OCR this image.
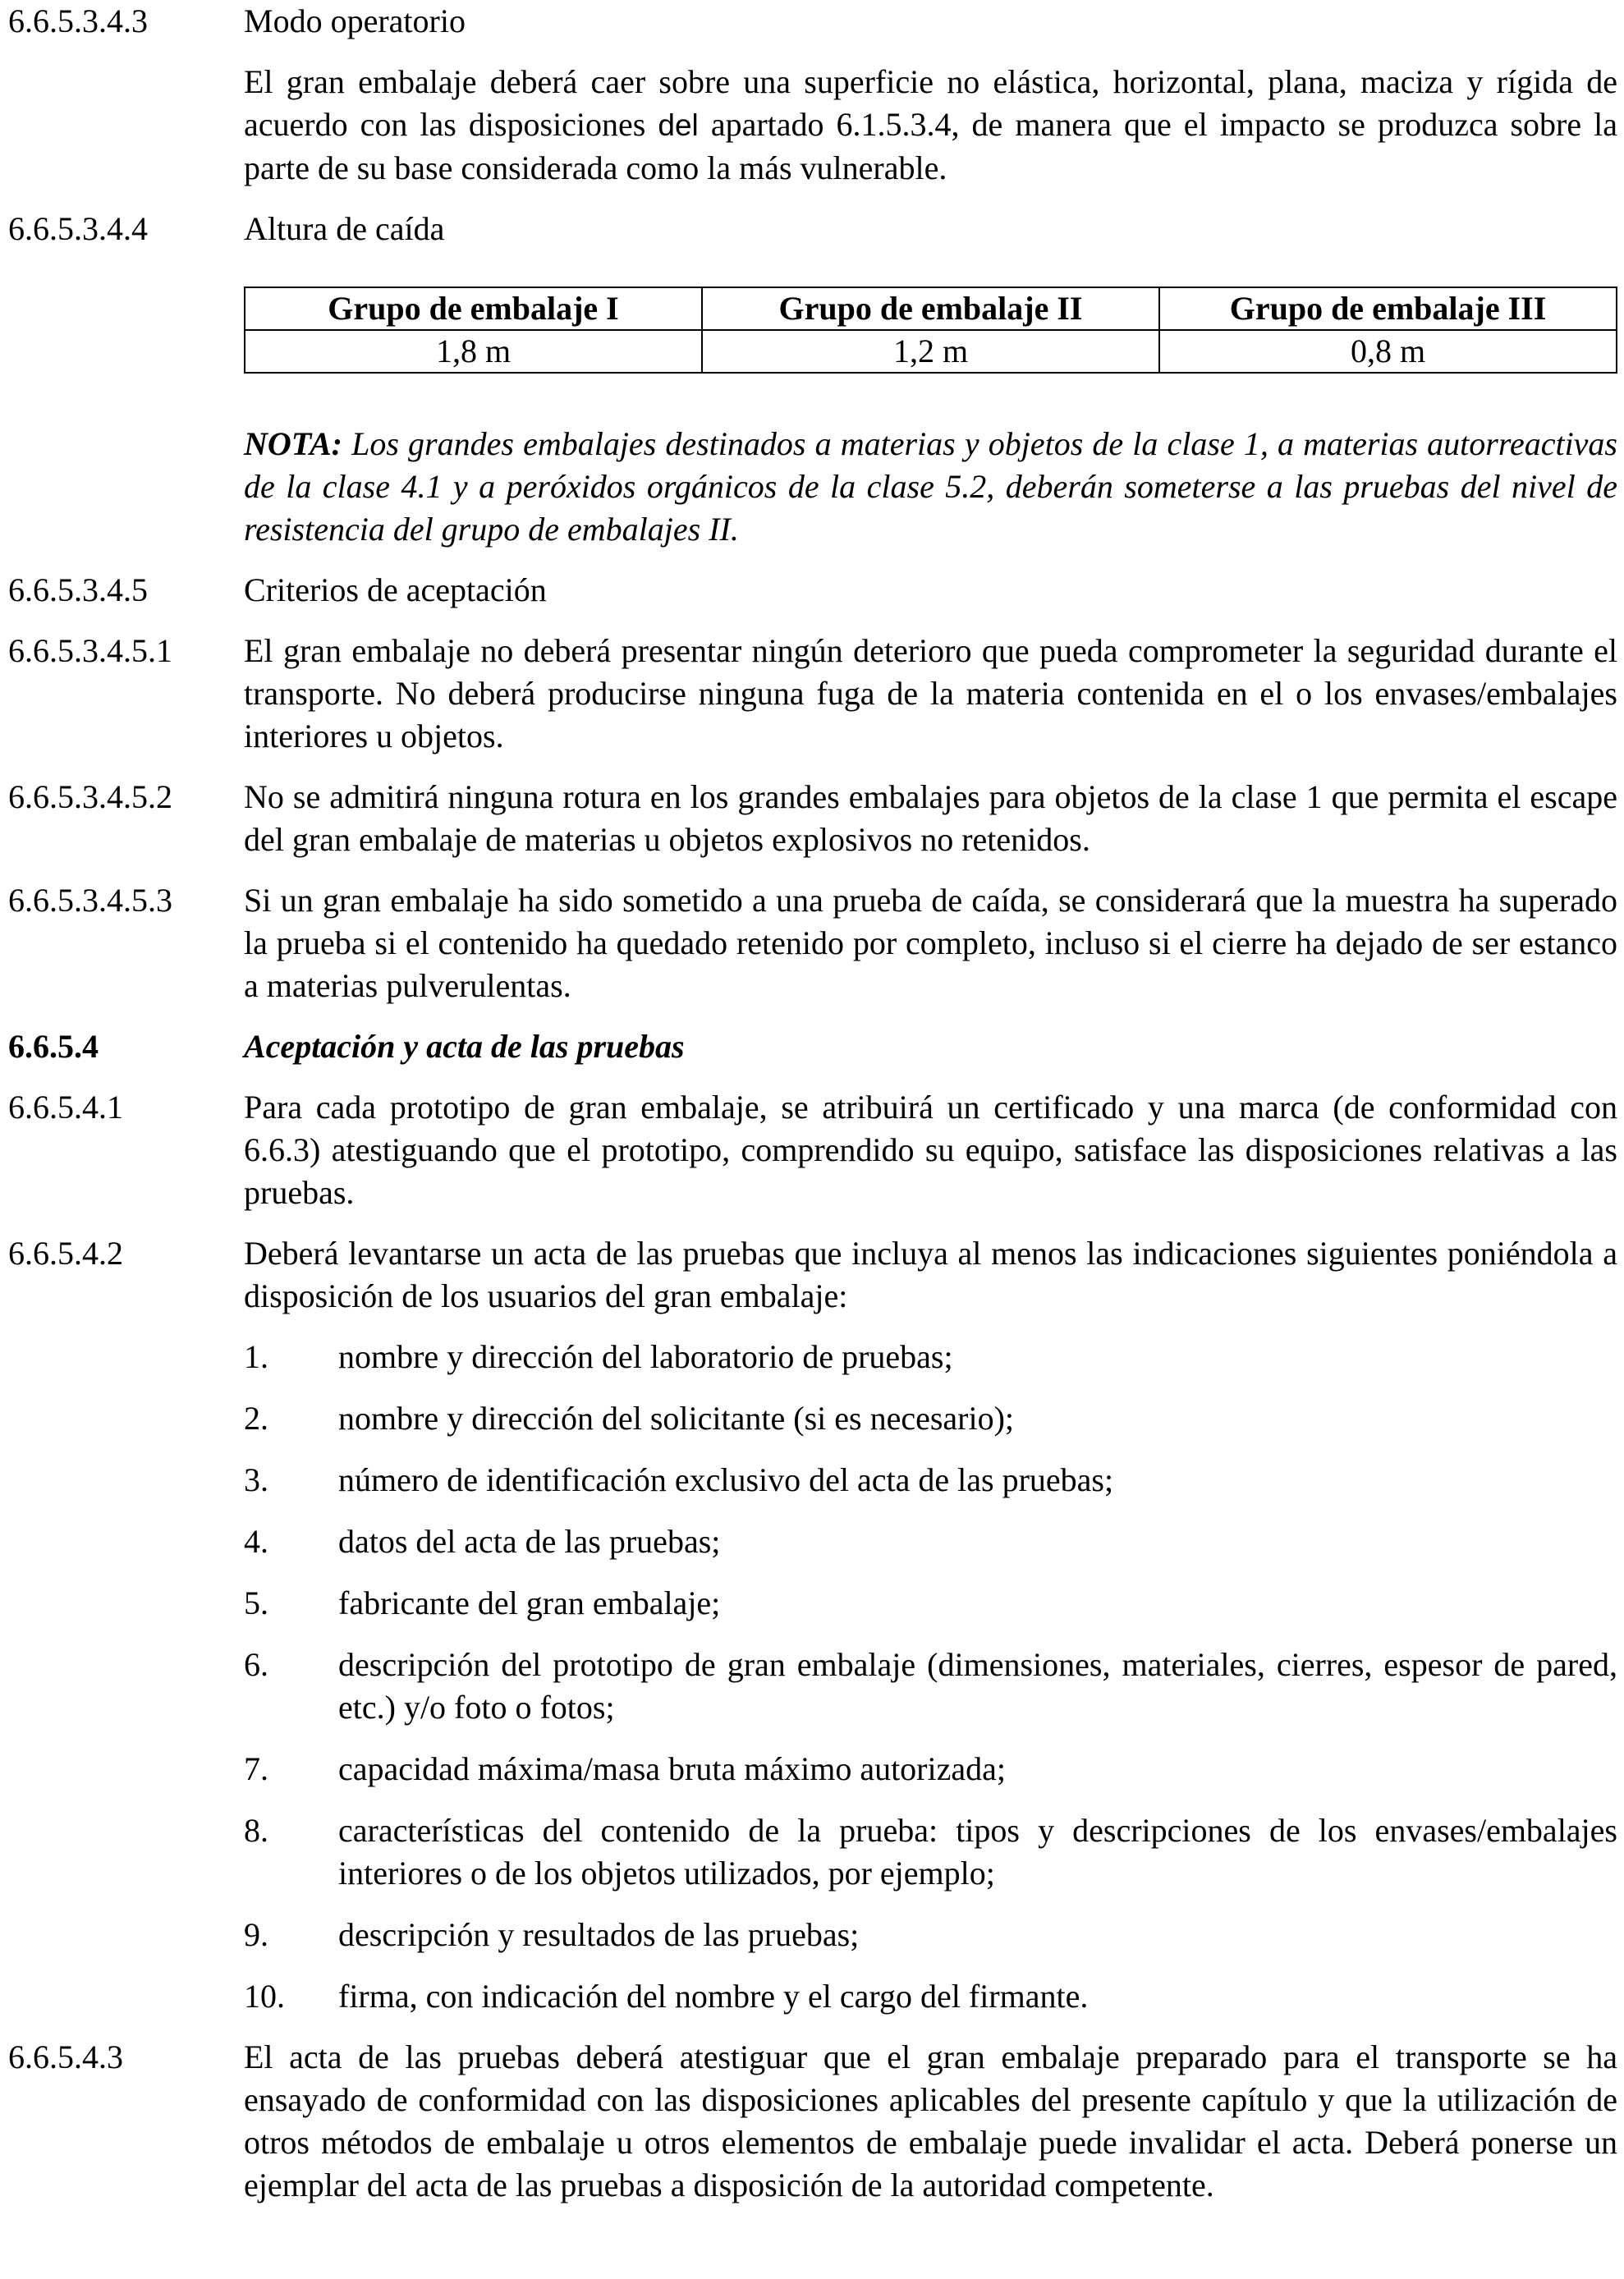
6.6.5.3.4.3	Modo operatorio
El gran embalaje deberá caer sobre una superficie no elástica, horizontal, plana, maciza y rígida de acuerdo con las disposiciones del apartado 6.1.5.3.4, de manera que el impacto se produzca sobre la parte de su base considerada como la más vulnerable.
6.6.5.3.4.4	Altura de caída
Grupo de embalaje I	Grupo de embalaje II	Grupo de embalaje III
1,8 m	1,2 m	0,8 m
NOTA: Los grandes embalajes destinados a materias y objetos de la clase 1, a materias autorreactivas de la clase 4.1 y a peróxidos orgánicos de la clase 5.2, deberán someterse a las pruebas del nivel de resistencia del grupo de embalajes II.
6.6.5.3.4.5	Criterios de aceptación
6.6.5.3.4.5.1 El gran embalaje no deberá presentar ningún deterioro que pueda comprometer la seguridad durante el transporte. No deberá producirse ninguna fuga de la materia contenida en el o los envases/embalajes interiores u objetos.
6.6.5.3.4.5.2 No se admitirá ninguna rotura en los grandes embalajes para objetos de la clase 1 que permita el escape del gran embalaje de materias u objetos explosivos no retenidos.
6.6.5.3.4.5.3 Si un gran embalaje ha sido sometido a una prueba de caída, se considerará que la muestra ha superado la prueba si el contenido ha quedado retenido por completo, incluso si el cierre ha dejado de ser estanco a materias pulverulentas.
6.6.5.4	Aceptación y acta de las pruebas
6.6.5.4.1	Para cada prototipo de gran embalaje, se atribuirá un certificado y una marca (de conformidad con 6.6.3) atestiguando que el prototipo, comprendido su equipo, satisface las disposiciones relativas a las pruebas.
6.6.5.4.2	Deberá levantarse un acta de las pruebas que incluya al menos las indicaciones siguientes poniéndola a disposición de los usuarios del gran embalaje:
1. nombre y dirección del laboratorio de pruebas;
2. nombre y dirección del solicitante (si es necesario);
3. número de identificación exclusivo del acta de las pruebas;
4. datos del acta de las pruebas;
5. fabricante del gran embalaje;
6. descripción del prototipo de gran embalaje (dimensiones, materiales, cierres, espesor de pared, etc.) y/o foto o fotos;
7. capacidad máxima/masa bruta máximo autorizada;
8. características del contenido de la prueba: tipos y descripciones de los envases/embalajes interiores o de los objetos utilizados, por ejemplo;
9. descripción y resultados de las pruebas;
10. firma, con indicación del nombre y el cargo del firmante.
6.6.5.4.3	El acta de las pruebas deberá atestiguar que el gran embalaje preparado para el transporte se ha ensayado de conformidad con las disposiciones aplicables del presente capítulo y que la utilización de otros métodos de embalaje u otros elementos de embalaje puede invalidar el acta. Deberá ponerse un ejemplar del acta de las pruebas a disposición de la autoridad competente.
